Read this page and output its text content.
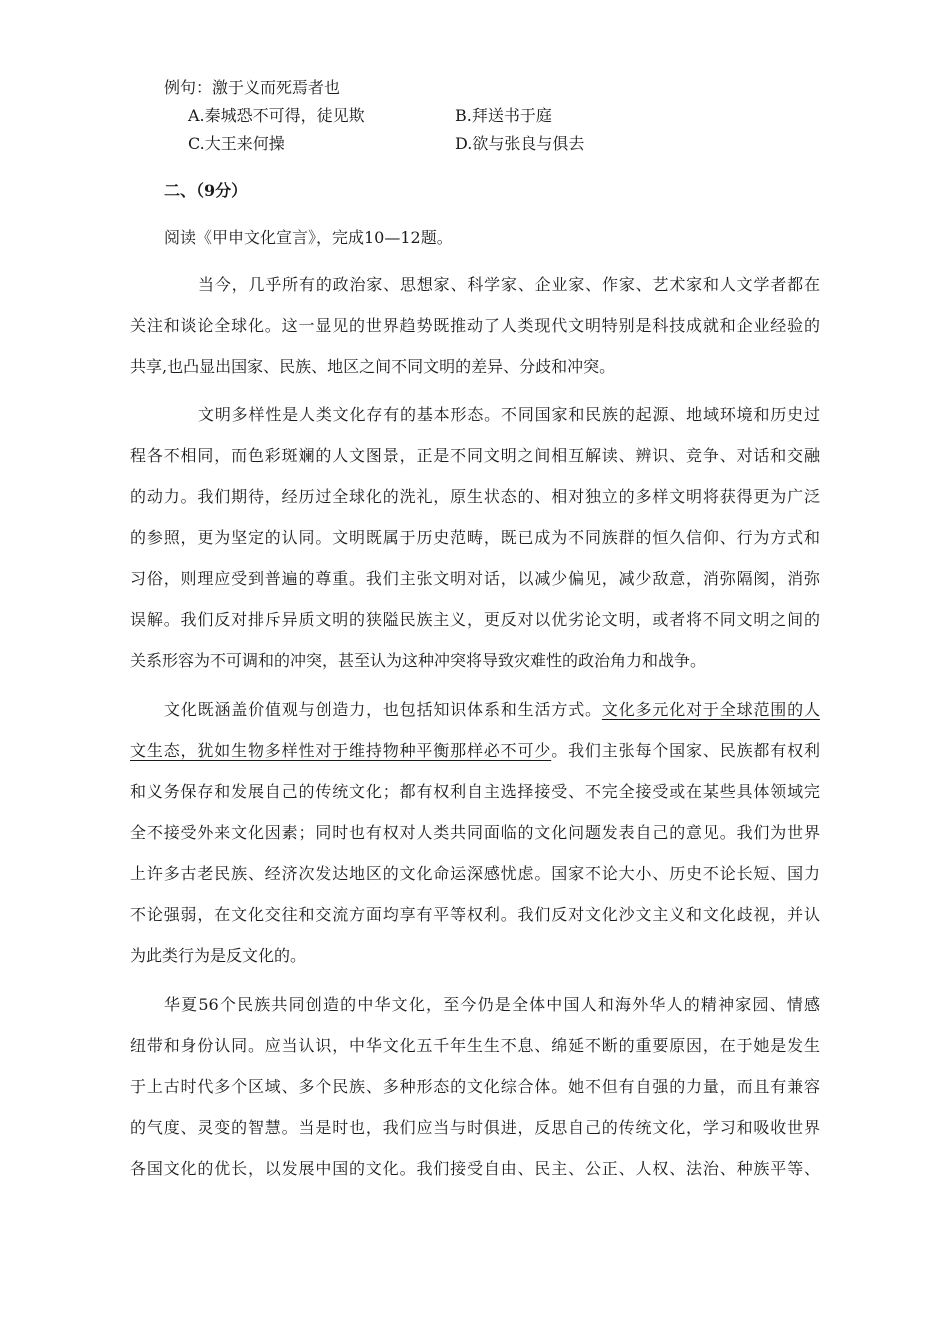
例句：激于义而死焉者也
A.秦城恐不可得，徒见欺	B.拜送书于庭
C.大王来何操	D.欲与张良与俱去
二、（9分）
阅读《甲申文化宣言》，完成10—12题。
当今，几乎所有的政治家、思想家、科学家、企业家、作家、艺术家和人文学者都在
关注和谈论全球化。这一显见的世界趋势既推动了人类现代文明特别是科技成就和企业经验的
共享,也凸显出国家、民族、地区之间不同文明的差异、分歧和冲突。
文明多样性是人类文化存有的基本形态。不同国家和民族的起源、地域环境和历史过
程各不相同，而色彩斑斓的人文图景，正是不同文明之间相互解读、辨识、竞争、对话和交融
的动力。我们期待，经历过全球化的洗礼，原生状态的、相对独立的多样文明将获得更为广泛
的参照，更为坚定的认同。文明既属于历史范畴，既已成为不同族群的恒久信仰、行为方式和
习俗，则理应受到普遍的尊重。我们主张文明对话，以减少偏见，减少敌意，消弥隔阂，消弥
误解。我们反对排斥异质文明的狭隘民族主义，更反对以优劣论文明，或者将不同文明之间的
关系形容为不可调和的冲突，甚至认为这种冲突将导致灾难性的政治角力和战争。
文化既涵盖价值观与创造力，也包括知识体系和生活方式。文化多元化对于全球范围的人
文生态，犹如生物多样性对于维持物种平衡那样必不可少。我们主张每个国家、民族都有权利
和义务保存和发展自己的传统文化；都有权利自主选择接受、不完全接受或在某些具体领域完
全不接受外来文化因素；同时也有权对人类共同面临的文化问题发表自己的意见。我们为世界
上许多古老民族、经济次发达地区的文化命运深感忧虑。国家不论大小、历史不论长短、国力
不论强弱，在文化交往和交流方面均享有平等权利。我们反对文化沙文主义和文化歧视，并认
为此类行为是反文化的。
华夏56个民族共同创造的中华文化，至今仍是全体中国人和海外华人的精神家园、情感
纽带和身份认同。应当认识，中华文化五千年生生不息、绵延不断的重要原因，在于她是发生
于上古时代多个区域、多个民族、多种形态的文化综合体。她不但有自强的力量，而且有兼容
的气度、灵变的智慧。当是时也，我们应当与时俱进，反思自己的传统文化，学习和吸收世界
各国文化的优长，以发展中国的文化。我们接受自由、民主、公正、人权、法治、种族平等、
